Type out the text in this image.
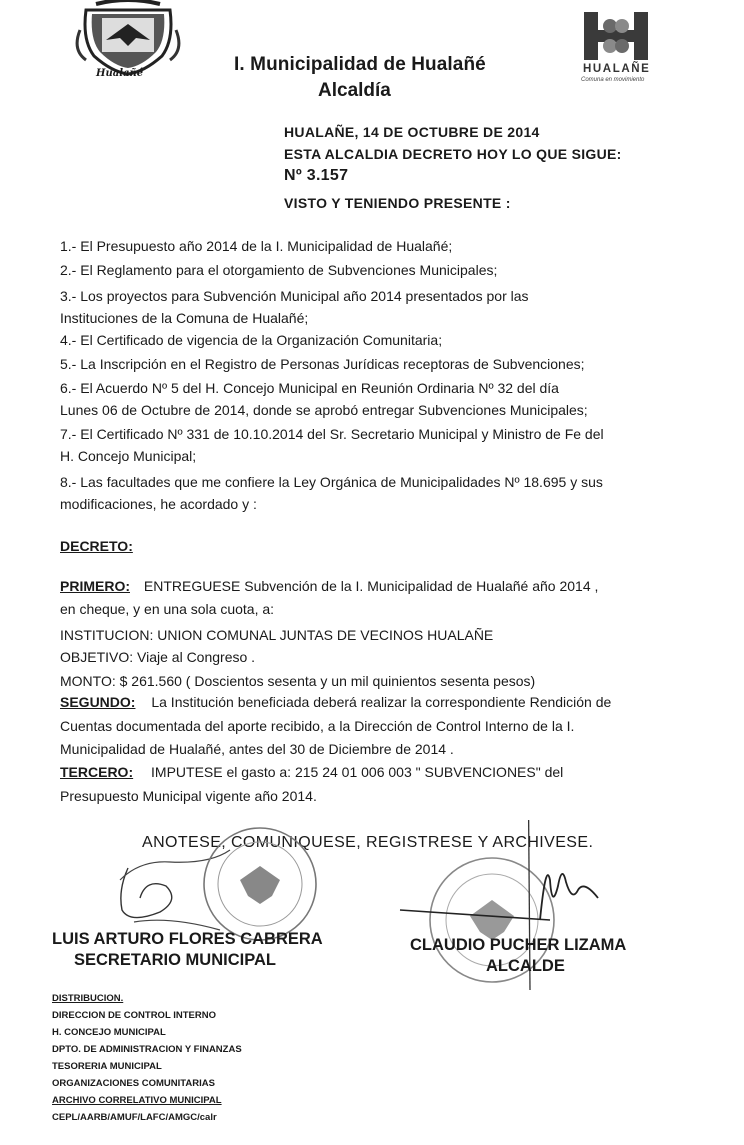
Hualañé	HUALAÑE
Comuna en movimiento
I. Municipalidad de Hualañé
Alcaldía
HUALAÑE, 14 DE OCTUBRE DE 2014
ESTA ALCALDIA DECRETO HOY LO QUE SIGUE:
Nº 3.157
VISTO Y TENIENDO PRESENTE :
1.- El Presupuesto año 2014 de la I. Municipalidad de Hualañé;
2.- El Reglamento para el otorgamiento de Subvenciones Municipales;
3.- Los proyectos para Subvención Municipal año 2014 presentados por las
Instituciones de la Comuna de Hualañé;
4.- El Certificado de vigencia de la Organización Comunitaria;
5.- La Inscripción en el Registro de Personas Jurídicas receptoras de Subvenciones;
6.- El Acuerdo Nº 5 del H. Concejo Municipal en Reunión Ordinaria Nº 32 del día
Lunes 06 de Octubre de 2014, donde se aprobó entregar Subvenciones Municipales;
7.- El Certificado Nº 331 de 10.10.2014 del Sr. Secretario Municipal y Ministro de Fe del
H. Concejo Municipal;
8.- Las facultades que me confiere la Ley Orgánica de Municipalidades Nº 18.695 y sus
modificaciones, he acordado y :
DECRETO:
PRIMERO: ENTREGUESE Subvención de la I. Municipalidad de Hualañé año 2014 ,
en cheque, y en una sola cuota, a:
INSTITUCION: UNION COMUNAL JUNTAS DE VECINOS HUALAÑE
OBJETIVO: Viaje al Congreso .
MONTO: $ 261.560 ( Doscientos sesenta y un mil quinientos sesenta pesos)
SEGUNDO: La Institución beneficiada deberá realizar la correspondiente Rendición de
Cuentas documentada del aporte recibido, a la Dirección de Control Interno de la I.
Municipalidad de Hualañé, antes del 30 de Diciembre de 2014 .
TERCERO: IMPUTESE el gasto a: 215 24 01 006 003 " SUBVENCIONES" del
Presupuesto Municipal vigente año 2014.
ANOTESE, COMUNIQUESE, REGISTRESE Y ARCHIVESE.
LUIS ARTURO FLORES CABRERA
SECRETARIO MUNICIPAL
CLAUDIO PUCHER LIZAMA
ALCALDE
DISTRIBUCION.
DIRECCION DE CONTROL INTERNO
H. CONCEJO MUNICIPAL
DPTO. DE ADMINISTRACION Y FINANZAS
TESORERIA MUNICIPAL
ORGANIZACIONES COMUNITARIAS
ARCHIVO CORRELATIVO MUNICIPAL
CEPL/AARB/AMUF/LAFC/AMGC/calr
